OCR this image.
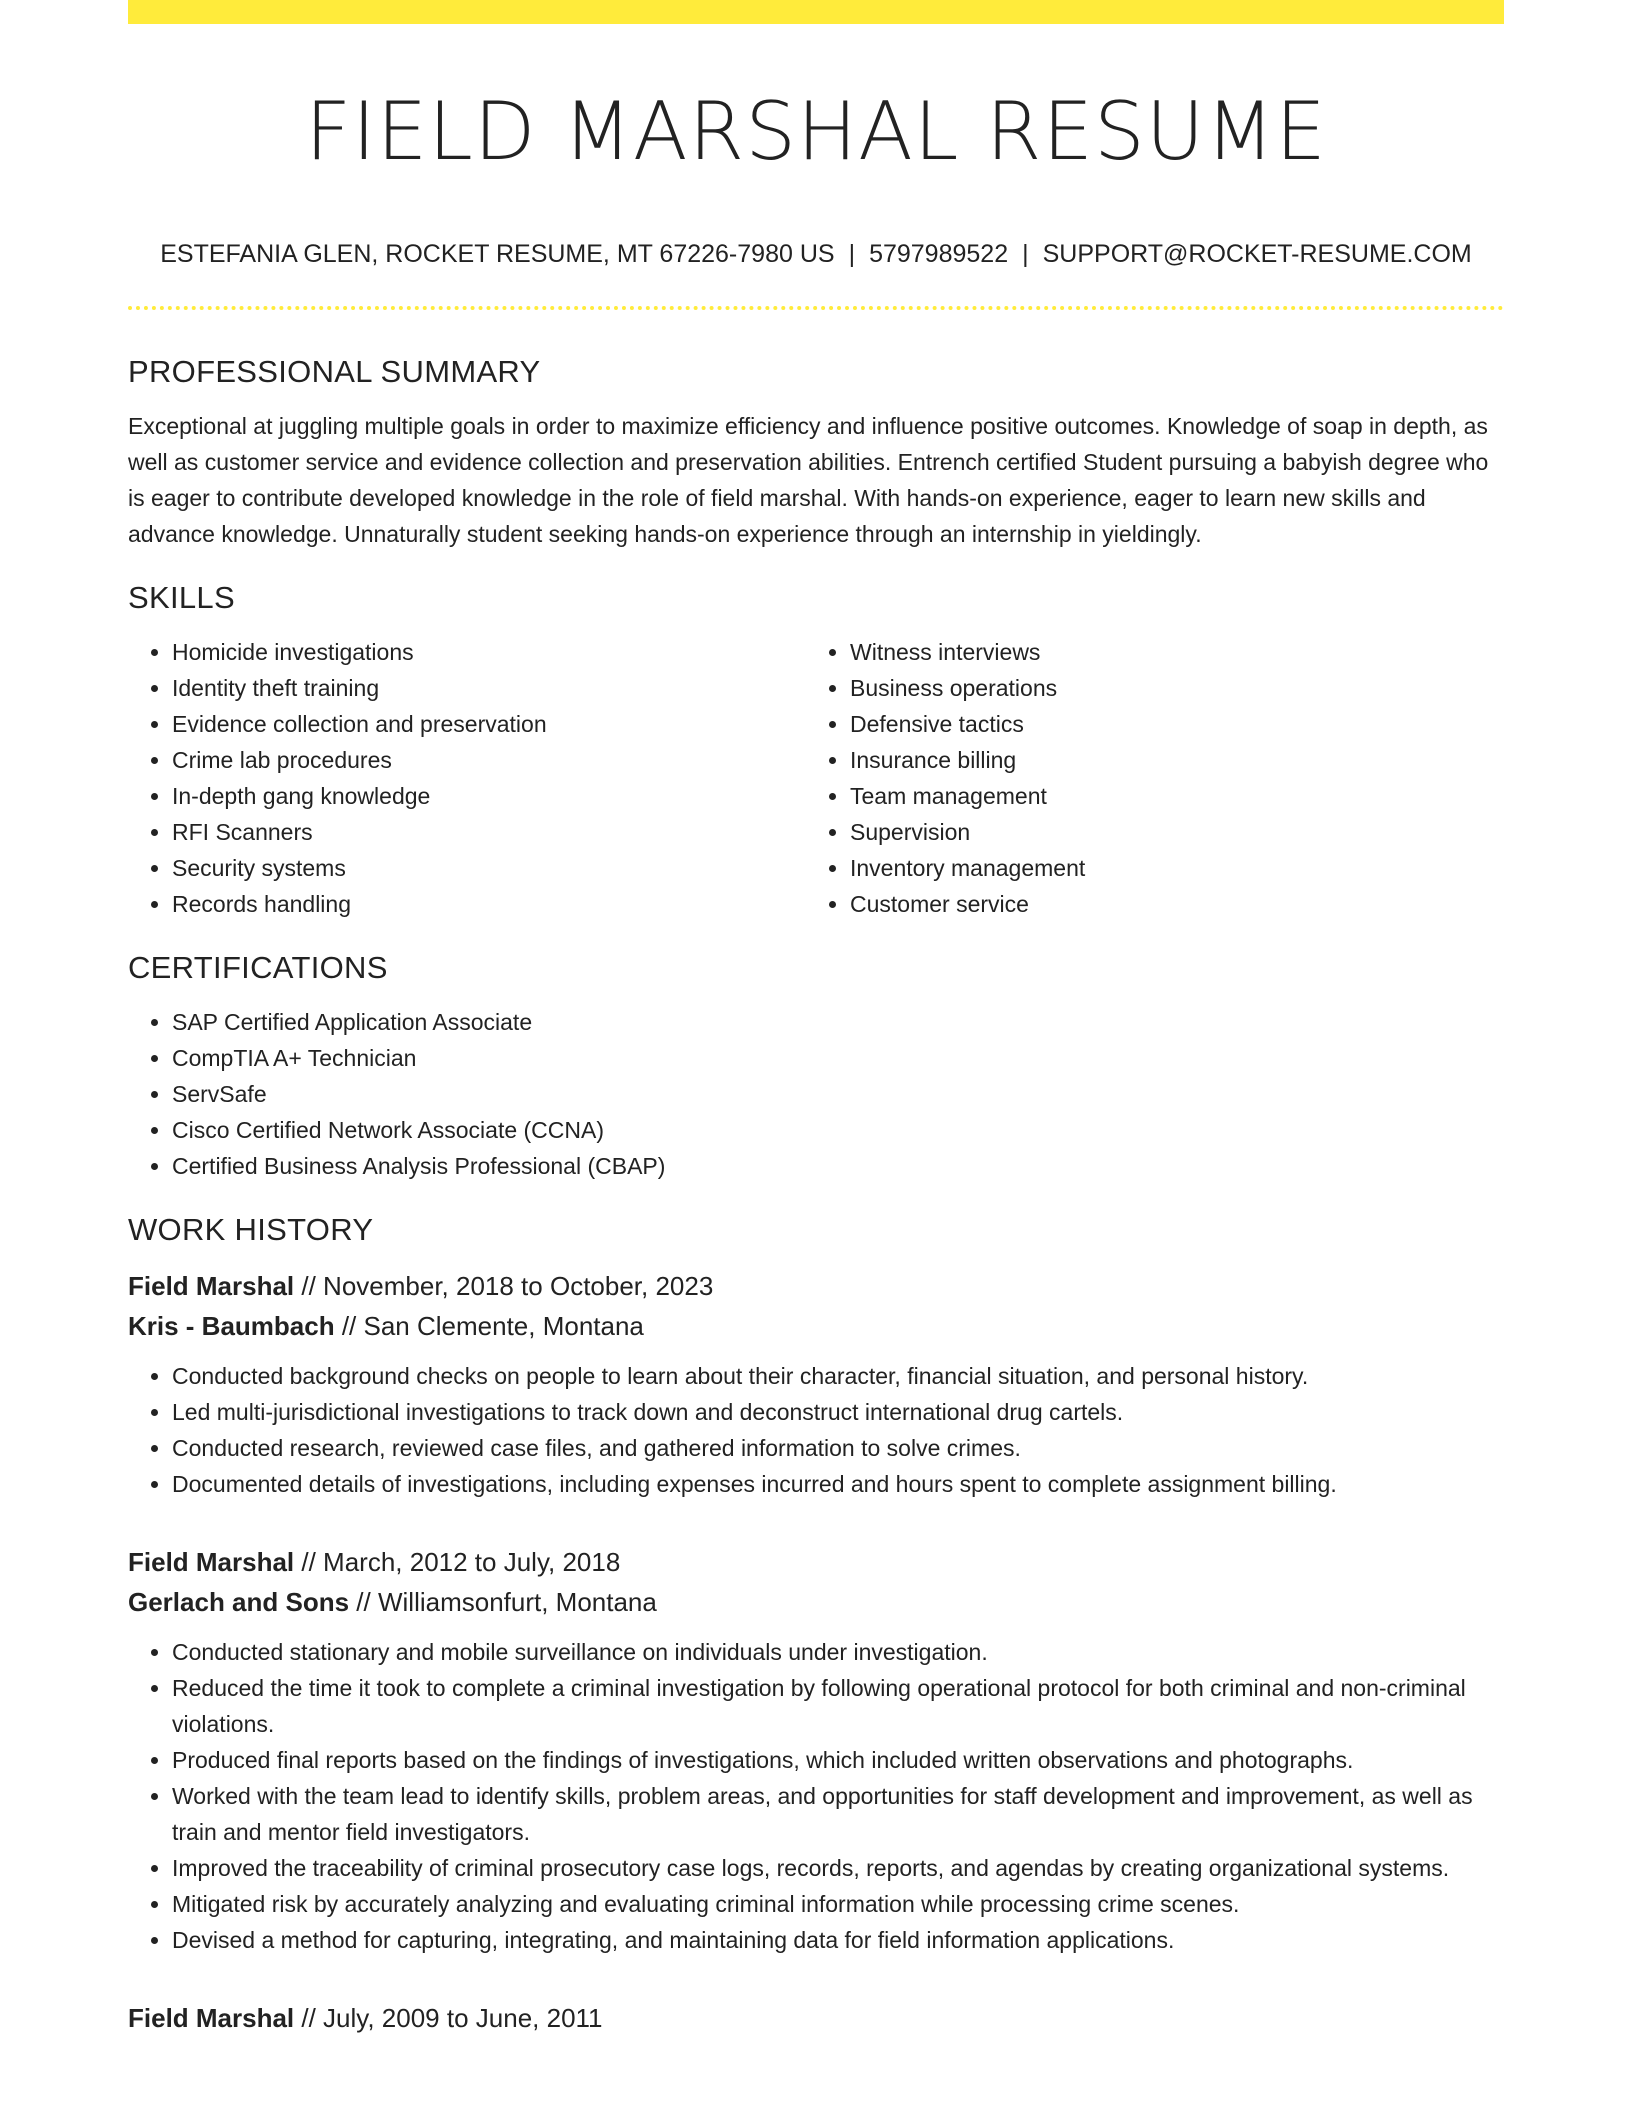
FIELD MARSHAL RESUME
ESTEFANIA GLEN, ROCKET RESUME, MT 67226-7980 US | 5797989522 | SUPPORT@ROCKET-RESUME.COM
PROFESSIONAL SUMMARY
Exceptional at juggling multiple goals in order to maximize efficiency and influence positive outcomes. Knowledge of soap in depth, as well as customer service and evidence collection and preservation abilities. Entrench certified Student pursuing a babyish degree who is eager to contribute developed knowledge in the role of field marshal. With hands-on experience, eager to learn new skills and advance knowledge. Unnaturally student seeking hands-on experience through an internship in yieldingly.
SKILLS
• Homicide investigations
• Identity theft training
• Evidence collection and preservation
• Crime lab procedures
• In-depth gang knowledge
• RFI Scanners
• Security systems
• Records handling
• Witness interviews
• Business operations
• Defensive tactics
• Insurance billing
• Team management
• Supervision
• Inventory management
• Customer service
CERTIFICATIONS
• SAP Certified Application Associate
• CompTIA A+ Technician
• ServSafe
• Cisco Certified Network Associate (CCNA)
• Certified Business Analysis Professional (CBAP)
WORK HISTORY
Field Marshal // November, 2018 to October, 2023
Kris - Baumbach // San Clemente, Montana
• Conducted background checks on people to learn about their character, financial situation, and personal history.
• Led multi-jurisdictional investigations to track down and deconstruct international drug cartels.
• Conducted research, reviewed case files, and gathered information to solve crimes.
• Documented details of investigations, including expenses incurred and hours spent to complete assignment billing.
Field Marshal // March, 2012 to July, 2018
Gerlach and Sons // Williamsonfurt, Montana
• Conducted stationary and mobile surveillance on individuals under investigation.
• Reduced the time it took to complete a criminal investigation by following operational protocol for both criminal and non-criminal violations.
• Produced final reports based on the findings of investigations, which included written observations and photographs.
• Worked with the team lead to identify skills, problem areas, and opportunities for staff development and improvement, as well as train and mentor field investigators.
• Improved the traceability of criminal prosecutory case logs, records, reports, and agendas by creating organizational systems.
• Mitigated risk by accurately analyzing and evaluating criminal information while processing crime scenes.
• Devised a method for capturing, integrating, and maintaining data for field information applications.
Field Marshal // July, 2009 to June, 2011
